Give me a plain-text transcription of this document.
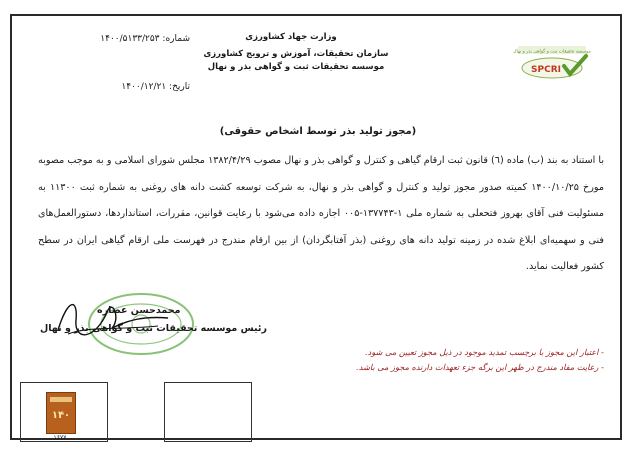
وزارت جهاد کشاورزی
سازمان تحقیقات، آموزش و ترویج کشاورزی
موسسه تحقیقات ثبت و گواهی بذر و نهال
شماره: ۱۴۰۰/۵۱۳۳/۲۵۳
تاریخ: ۱۴۰۰/۱۲/۲۱
موسسه تحقیقات ثبت و گواهی بذر و نهال
SPCRI
(مجوز تولید بذر توسط اشخاص حقوقی)
با استناد به بند (ب) ماده (٦) قانون ثبت ارقام گیاهی و کنترل و گواهی بذر و نهال مصوب ۱۳۸۲/۴/۲۹ مجلس شورای اسلامی و به موجب مصوبه مورخ ۱۴۰۰/۱۰/۲۵ کمیته صدور مجوز تولید و کنترل و گواهی بذر و نهال، به شرکت توسعه کشت دانه های روغنی به شماره ثبت ۱۱۳۰۰ به مسئولیت فنی آقای بهروز فتحعلی به شماره ملی ۱-۱۳۷۷۴۳-۰۰۵ اجازه داده می‌شود با رعایت قوانین، مقررات، استانداردها، دستورالعمل‌های فنی و سهمیه‌ای ابلاغ شده در زمینه تولید دانه های روغنی (بذر آفتابگردان) از بین ارقام مندرج در فهرست ملی ارقام گیاهی ایران در سطح کشور فعالیت نماید.
محمدحسن عصاره
رئیس موسسه تحقیقات ثبت و گواهی بذر و نهال
- اعتبار این مجوز با برچسب تمدید موجود در ذیل مجوز تعیین می شود.
- رعایت مفاد مندرج در ظهر این برگه جزء تعهدات دارنده مجوز می باشد.
۱۴۰
۱۶۷۷
